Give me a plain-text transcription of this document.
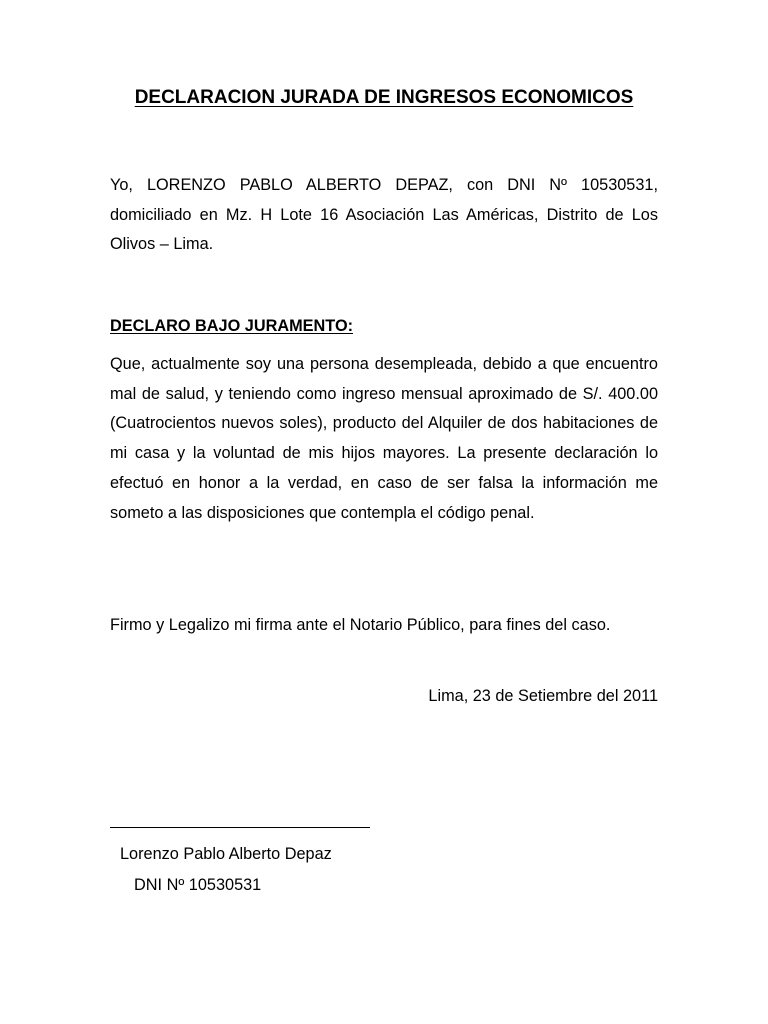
DECLARACION JURADA DE INGRESOS ECONOMICOS

Yo, LORENZO PABLO ALBERTO DEPAZ, con DNI Nº 10530531, domiciliado en Mz. H Lote 16 Asociación Las Américas, Distrito de Los Olivos – Lima.

DECLARO BAJO JURAMENTO:

Que, actualmente soy una persona desempleada, debido a que encuentro mal de salud, y teniendo como ingreso mensual aproximado de S/. 400.00 (Cuatrocientos nuevos soles), producto del Alquiler de dos habitaciones de mi casa y la voluntad de mis hijos mayores. La presente declaración lo efectuó en honor a la verdad, en caso de ser falsa la información me someto a las disposiciones que contempla el código penal.

Firmo y Legalizo mi firma ante el Notario Público, para fines del caso.

Lima, 23 de Setiembre del 2011
Lorenzo Pablo Alberto Depaz
DNI Nº 10530531
